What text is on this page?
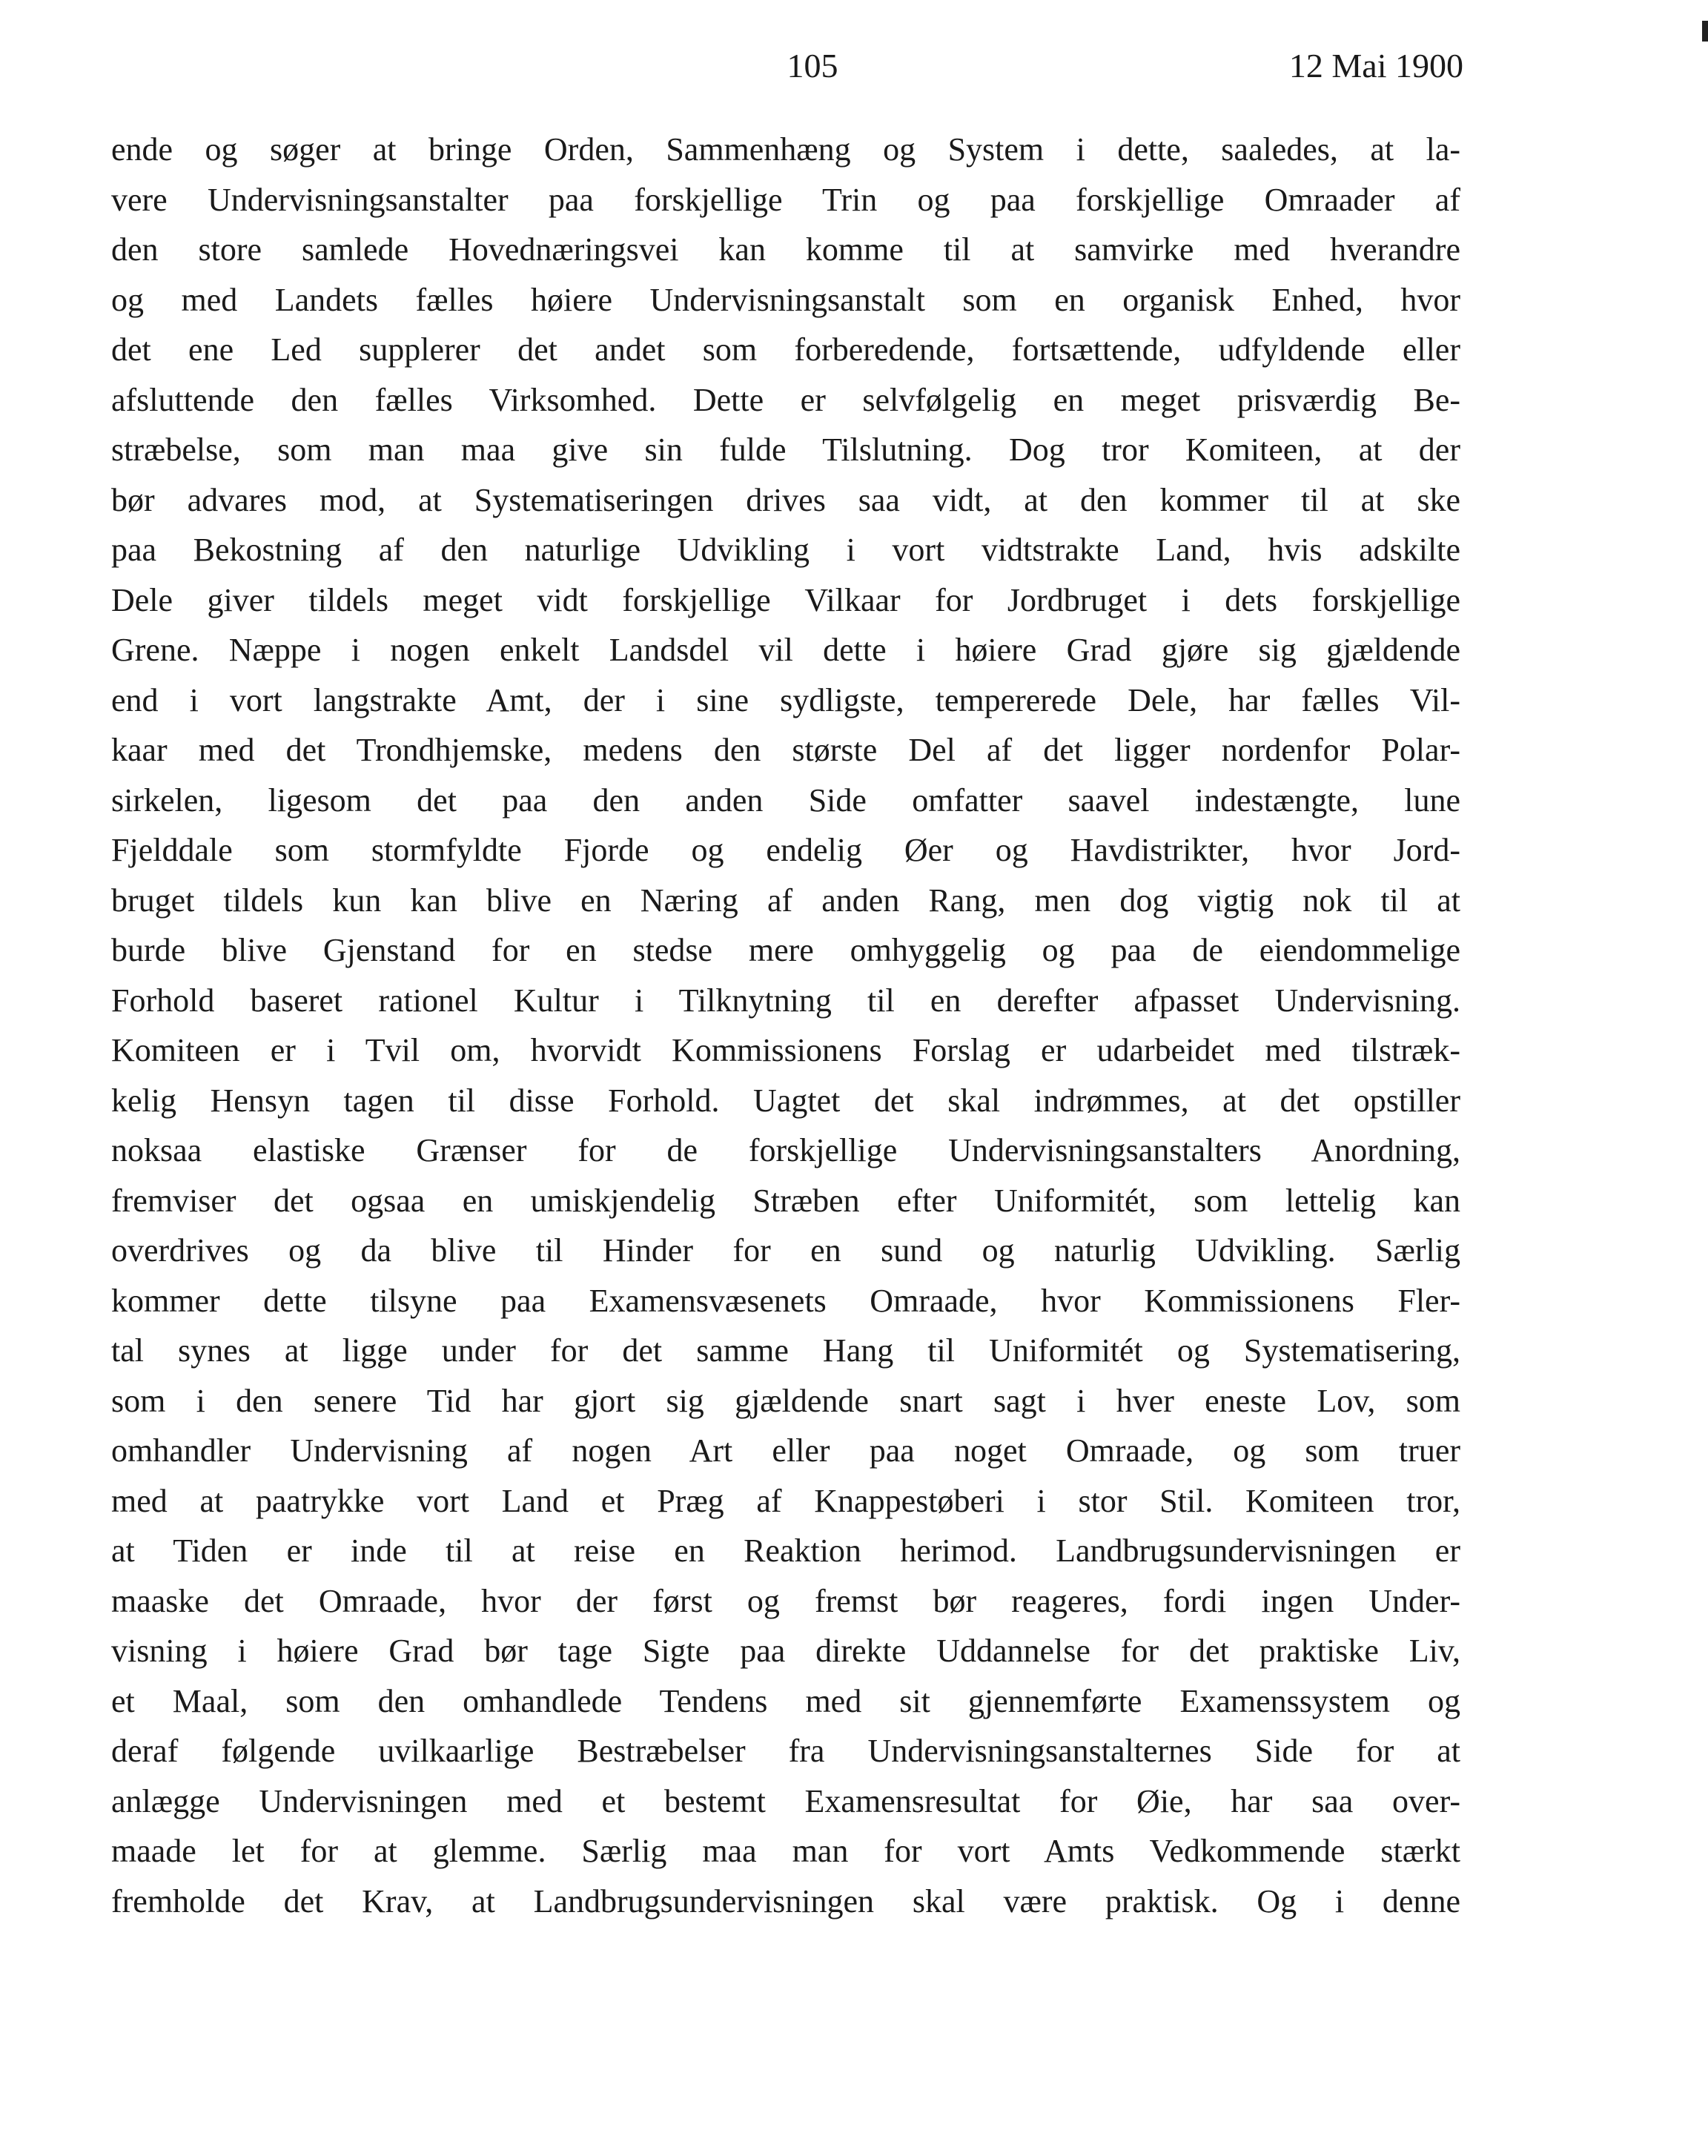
105	12 Mai 1900
ende og søger at bringe Orden, Sammenhæng og System i dette, saaledes, at la-
vere Undervisningsanstalter paa forskjellige Trin og paa forskjellige Omraader af
den store samlede Hovednæringsvei kan komme til at samvirke med hverandre
og med Landets fælles høiere Undervisningsanstalt som en organisk Enhed, hvor
det ene Led supplerer det andet som forberedende, fortsættende, udfyldende eller
afsluttende den fælles Virksomhed. Dette er selvfølgelig en meget prisværdig Be-
stræbelse, som man maa give sin fulde Tilslutning. Dog tror Komiteen, at der
bør advares mod, at Systematiseringen drives saa vidt, at den kommer til at ske
paa Bekostning af den naturlige Udvikling i vort vidtstrakte Land, hvis adskilte
Dele giver tildels meget vidt forskjellige Vilkaar for Jordbruget i dets forskjellige
Grene. Næppe i nogen enkelt Landsdel vil dette i høiere Grad gjøre sig gjældende
end i vort langstrakte Amt, der i sine sydligste, tempererede Dele, har fælles Vil-
kaar med det Trondhjemske, medens den største Del af det ligger nordenfor Polar-
sirkelen, ligesom det paa den anden Side omfatter saavel indestængte, lune
Fjelddale som stormfyldte Fjorde og endelig Øer og Havdistrikter, hvor Jord-
bruget tildels kun kan blive en Næring af anden Rang, men dog vigtig nok til at
burde blive Gjenstand for en stedse mere omhyggelig og paa de eiendommelige
Forhold baseret rationel Kultur i Tilknytning til en derefter afpasset Undervisning.
Komiteen er i Tvil om, hvorvidt Kommissionens Forslag er udarbeidet med tilstræk-
kelig Hensyn tagen til disse Forhold. Uagtet det skal indrømmes, at det opstiller
noksaa elastiske Grænser for de forskjellige Undervisningsanstalters Anordning,
fremviser det ogsaa en umiskjendelig Stræben efter Uniformitét, som lettelig kan
overdrives og da blive til Hinder for en sund og naturlig Udvikling. Særlig
kommer dette tilsyne paa Examensvæsenets Omraade, hvor Kommissionens Fler-
tal synes at ligge under for det samme Hang til Uniformitét og Systematisering,
som i den senere Tid har gjort sig gjældende snart sagt i hver eneste Lov, som
omhandler Undervisning af nogen Art eller paa noget Omraade, og som truer
med at paatrykke vort Land et Præg af Knappestøberi i stor Stil. Komiteen tror,
at Tiden er inde til at reise en Reaktion herimod. Landbrugsundervisningen er
maaske det Omraade, hvor der først og fremst bør reageres, fordi ingen Under-
visning i høiere Grad bør tage Sigte paa direkte Uddannelse for det praktiske Liv,
et Maal, som den omhandlede Tendens med sit gjennemførte Examenssystem og
deraf følgende uvilkaarlige Bestræbelser fra Undervisningsanstalternes Side for at
anlægge Undervisningen med et bestemt Examensresultat for Øie, har saa over-
maade let for at glemme. Særlig maa man for vort Amts Vedkommende stærkt
fremholde det Krav, at Landbrugsundervisningen skal være praktisk. Og i denne
